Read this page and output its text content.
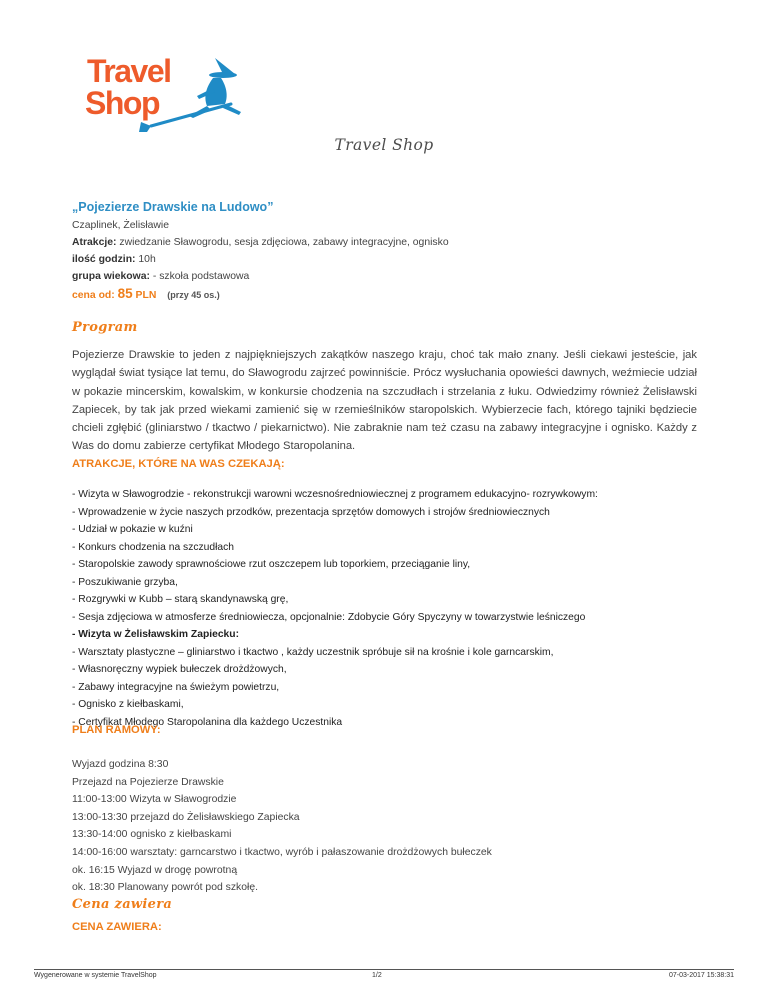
Travel
Shop
Travel Shop
„Pojezierze Drawskie na Ludowo”
Czaplinek, Żelisławie
Atrakcje: zwiedzanie Sławogrodu, sesja zdjęciowa, zabawy integracyjne, ognisko
ilość godzin: 10h
grupa wiekowa: - szkoła podstawowa
cena od: 85 PLN (przy 45 os.)
Program

Pojezierze Drawskie to jeden z najpiękniejszych zakątków naszego kraju, choć tak mało znany. Jeśli ciekawi jesteście, jak wyglądał świat tysiące lat temu, do Sławogrodu zajrzeć powinniście. Prócz wysłuchania opowieści dawnych, weźmiecie udział w pokazie mincerskim, kowalskim, w konkursie chodzenia na szczudłach i strzelania z łuku. Odwiedzimy również Żelisławski Zapiecek, by tak jak przed wiekami zamienić się w rzemieślników staropolskich. Wybierzecie fach, którego tajniki będziecie chcieli zgłębić (gliniarstwo / tkactwo / piekarnictwo). Nie zabraknie nam też czasu na zabawy integracyjne i ognisko. Każdy z Was do domu zabierze certyfikat Młodego Staropolanina.

ATRAKCJE, KTÓRE NA WAS CZEKAJĄ:
- Wizyta w Sławogrodzie - rekonstrukcji warowni wczesnośredniowiecznej z programem edukacyjno- rozrywkowym:
- Wprowadzenie w życie naszych przodków, prezentacja sprzętów domowych i strojów średniowiecznych
- Udział w pokazie w kuźni
- Konkurs chodzenia na szczudłach
- Staropolskie zawody sprawnościowe rzut oszczepem lub toporkiem, przeciąganie liny,
- Poszukiwanie grzyba,
- Rozgrywki w Kubb – starą skandynawską grę,
- Sesja zdjęciowa w atmosferze średniowiecza, opcjonalnie: Zdobycie Góry Spyczyny w towarzystwie leśniczego
- Wizyta w Żelisławskim Zapiecku:
- Warsztaty plastyczne – gliniarstwo i tkactwo , każdy uczestnik spróbuje sił na krośnie i kole garncarskim,
- Własnoręczny wypiek bułeczek drożdżowych,
- Zabawy integracyjne na świeżym powietrzu,
- Ognisko z kiełbaskami,
- Certyfikat Młodego Staropolanina dla każdego Uczestnika
PLAN RAMOWY:
Wyjazd godzina 8:30
Przejazd na Pojezierze Drawskie
11:00-13:00 Wizyta w Sławogrodzie
13:00-13:30 przejazd do Żelisławskiego Zapiecka
13:30-14:00 ognisko z kiełbaskami
14:00-16:00 warsztaty: garncarstwo i tkactwo, wyrób i pałaszowanie drożdżowych bułeczek
ok. 16:15 Wyjazd w drogę powrotną
ok. 18:30 Planowany powrót pod szkołę.
Cena zawiera
CENA ZAWIERA:
Wygenerowane w systemie TravelShop	1/2	07-03-2017 15:38:31
